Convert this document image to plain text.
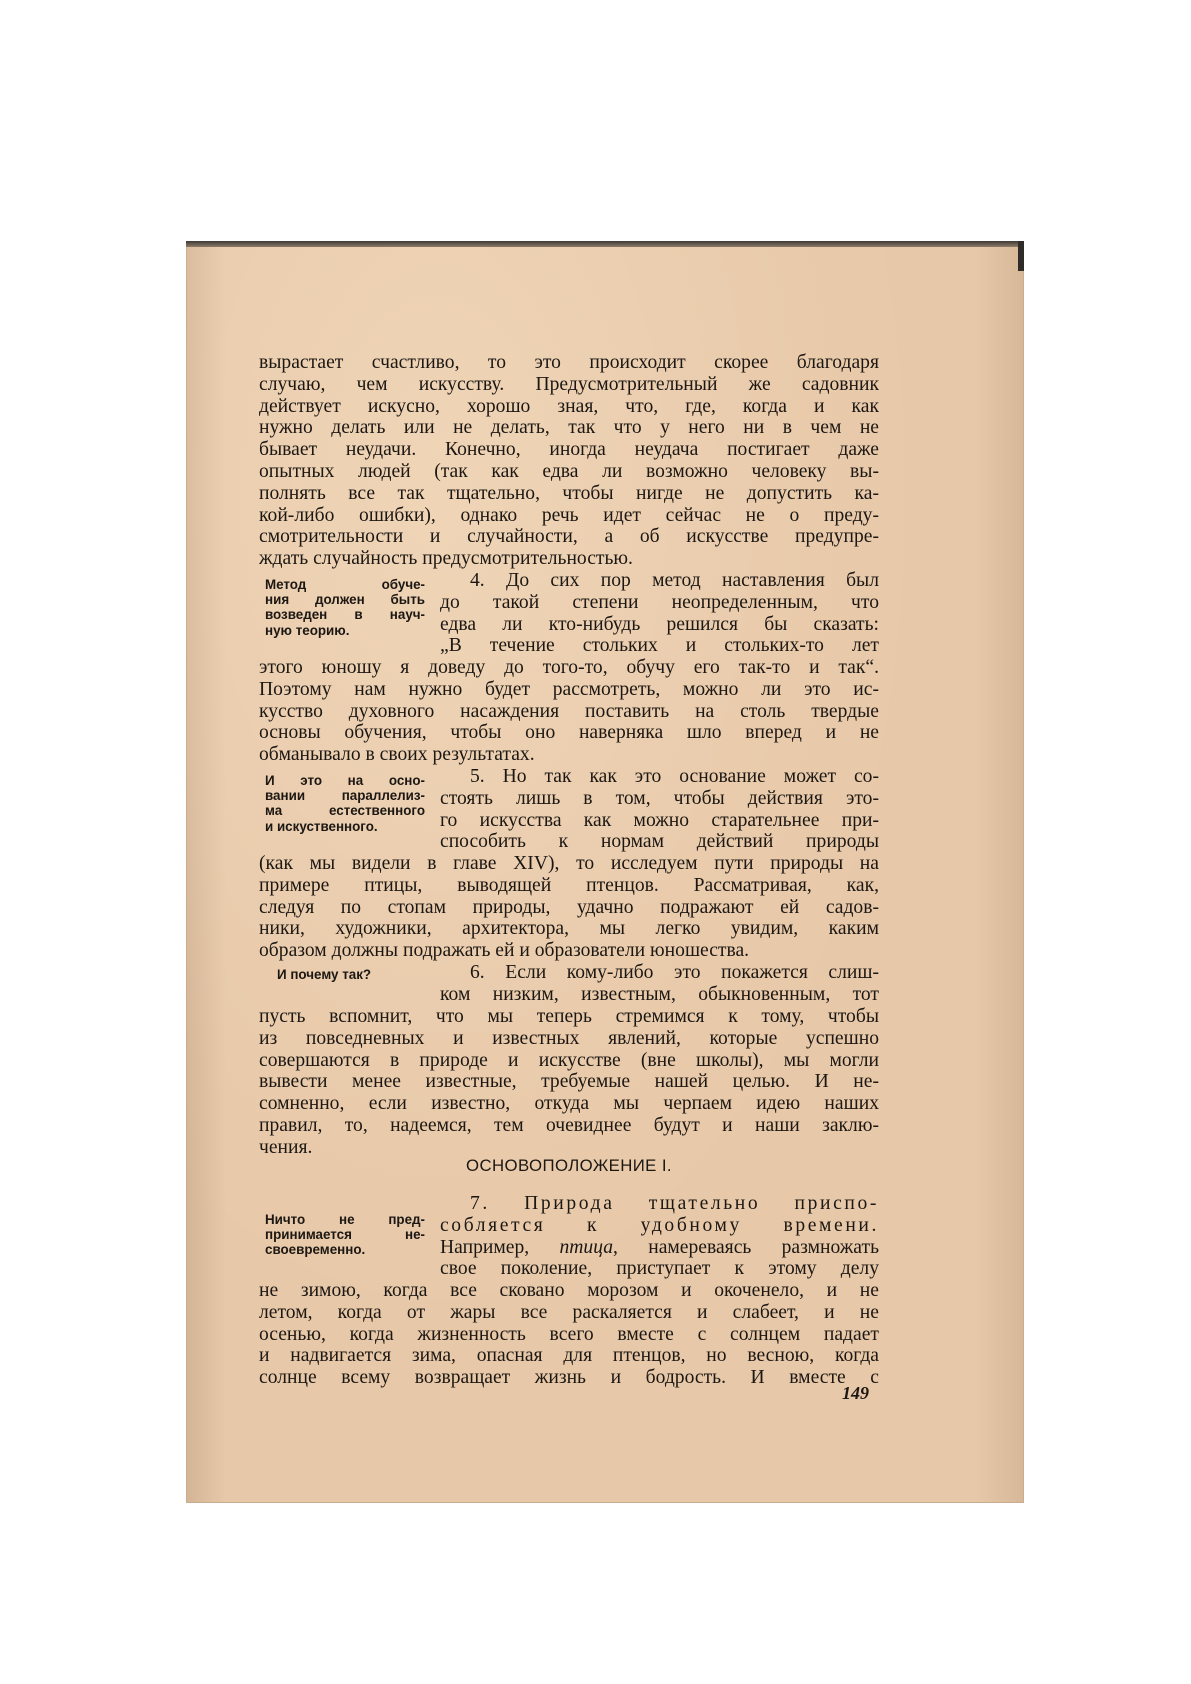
вырастает счастливо, то это происходит скорее благодаря
случаю, чем искусству. Предусмотрительный же садовник
действует искусно, хорошо зная, что, где, когда и как
нужно делать или не делать, так что у него ни в чем не
бывает неудачи. Конечно, иногда неудача постигает даже
опытных людей (так как едва ли возможно человеку вы-
полнять все так тщательно, чтобы нигде не допустить ка-
кой-либо ошибки), однако речь идет сейчас не о преду-
смотрительности и случайности, а об искусстве предупре-
ждать случайность предусмотрительностью.
Метод обуче-
ния должен быть
возведен в науч-
ную теорию.
4. До сих пор метод наставления был
до такой степени неопределенным, что
едва ли кто-нибудь решился бы сказать:
„В течение стольких и стольких-то лет
этого юношу я доведу до того-то, обучу его так-то и так“.
Поэтому нам нужно будет рассмотреть, можно ли это ис-
кусство духовного насаждения поставить на столь твердые
основы обучения, чтобы оно наверняка шло вперед и не
обманывало в своих результатах.
И это на осно-
вании параллелиз-
ма естественного
и искуственного.
5. Но так как это основание может со-
стоять лишь в том, чтобы действия это-
го искусства как можно старательнее при-
способить к нормам действий природы
(как мы видели в главе XIV), то исследуем пути природы на
примере птицы, выводящей птенцов. Рассматривая, как,
следуя по стопам природы, удачно подражают ей садов-
ники, художники, архитектора, мы легко увидим, каким
образом должны подражать ей и образователи юношества.
И почему так?	6. Если кому-либо это покажется слиш-
ком низким, известным, обыкновенным, тот
пусть вспомнит, что мы теперь стремимся к тому, чтобы
из повседневных и известных явлений, которые успешно
совершаются в природе и искусстве (вне школы), мы могли
вывести менее известные, требуемые нашей целью. И не-
сомненно, если известно, откуда мы черпаем идею наших
правил, то, надеемся, тем очевиднее будут и наши заклю-
чения.
ОСНОВОПОЛОЖЕНИЕ I.
Ничто не пред-
принимается не-
своевременно.
7. Природа тщательно приспо-
собляется к удобному времени.
Например, птица, намереваясь размножать
свое поколение, приступает к этому делу
не зимою, когда все сковано морозом и окоченело, и не
летом, когда от жары все раскаляется и слабеет, и не
осенью, когда жизненность всего вместе с солнцем падает
и надвигается зима, опасная для птенцов, но весною, когда
солнце всему возвращает жизнь и бодрость. И вместе с
149
